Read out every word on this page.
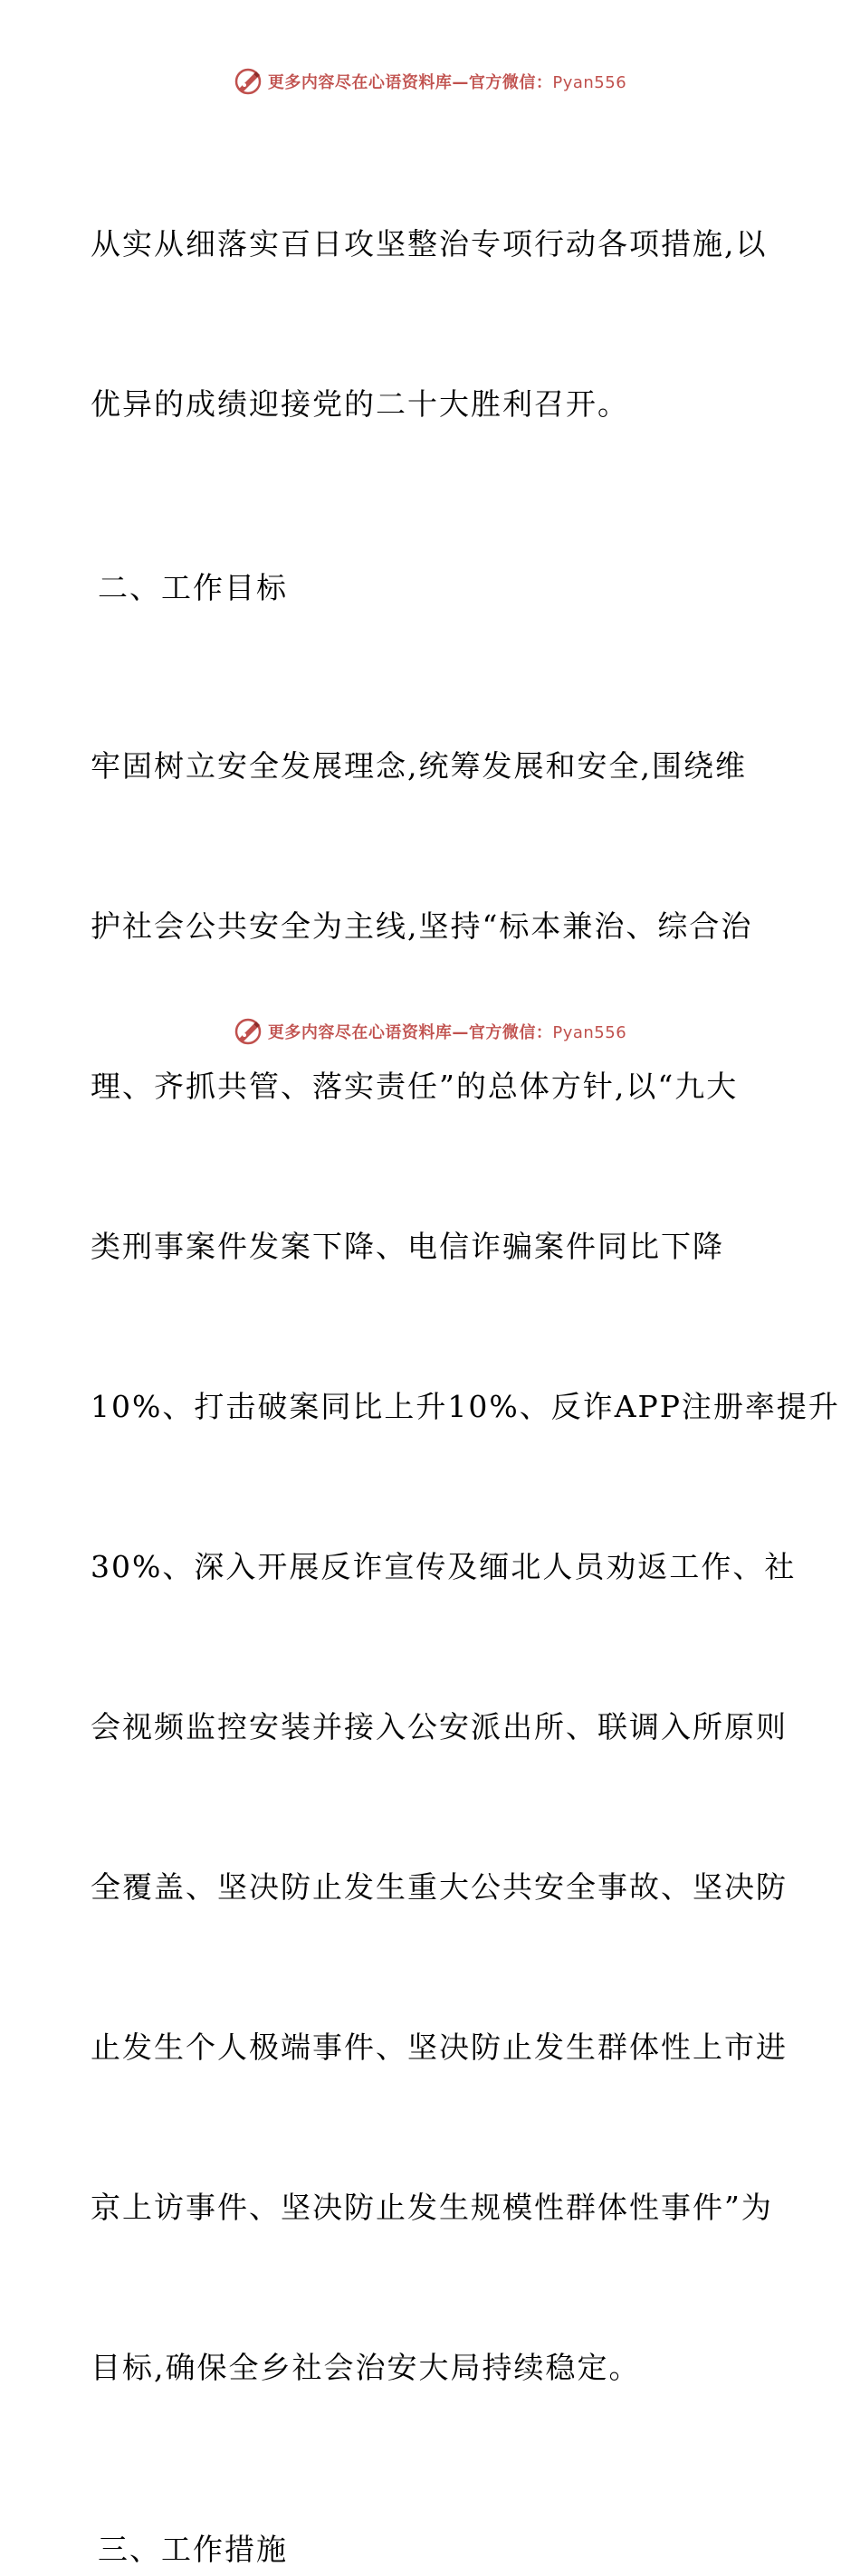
更多内容尽在心语资料库—官方微信：Pyan556

从实从细落实百日攻坚整治专项行动各项措施,以

优异的成绩迎接党的二十大胜利召开。

二、工作目标

牢固树立安全发展理念,统筹发展和安全,围绕维

护社会公共安全为主线,坚持“标本兼治、综合治

理、齐抓共管、落实责任”的总体方针,以“九大

类刑事案件发案下降、电信诈骗案件同比下降

10%、打击破案同比上升10%、反诈APP注册率提升

30%、深入开展反诈宣传及缅北人员劝返工作、社

会视频监控安装并接入公安派出所、联调入所原则

全覆盖、坚决防止发生重大公共安全事故、坚决防

止发生个人极端事件、坚决防止发生群体性上市进

京上访事件、坚决防止发生规模性群体性事件”为

目标,确保全乡社会治安大局持续稳定。

三、工作措施

更多内容尽在心语资料库—官方微信：Pyan556
